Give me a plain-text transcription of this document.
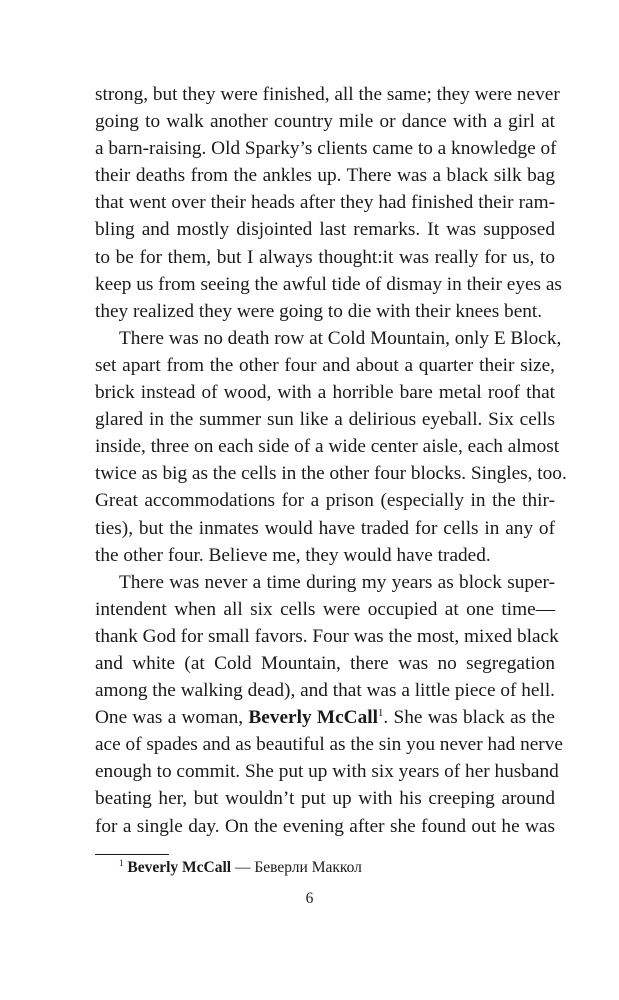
strong, but they were finished, all the same; they were never
going to walk another country mile or dance with a girl at
a barn-raising. Old Sparky’s clients came to a knowledge of
their deaths from the ankles up. There was a black silk bag
that went over their heads after they had finished their ram-
bling and mostly disjointed last remarks. It was supposed
to be for them, but I always thought:it was really for us, to
keep us from seeing the awful tide of dismay in their eyes as
they realized they were going to die with their knees bent.
There was no death row at Cold Mountain, only E Block,
set apart from the other four and about a quarter their size,
brick instead of wood, with a horrible bare metal roof that
glared in the summer sun like a delirious eyeball. Six cells
inside, three on each side of a wide center aisle, each almost
twice as big as the cells in the other four blocks. Singles, too.
Great accommodations for a prison (especially in the thir-
ties), but the inmates would have traded for cells in any of
the other four. Believe me, they would have traded.
There was never a time during my years as block super-
intendent when all six cells were occupied at one time—
thank God for small favors. Four was the most, mixed black
and white (at Cold Mountain, there was no segregation
among the walking dead), and that was a little piece of hell.
One was a woman, Beverly McCall$^1$. She was black as the
ace of spades and as beautiful as the sin you never had nerve
enough to commit. She put up with six years of her husband
beating her, but wouldn’t put up with his creeping around
for a single day. On the evening after she found out he was
$^1$ Beverly McCall — Беверли Маккол
6
